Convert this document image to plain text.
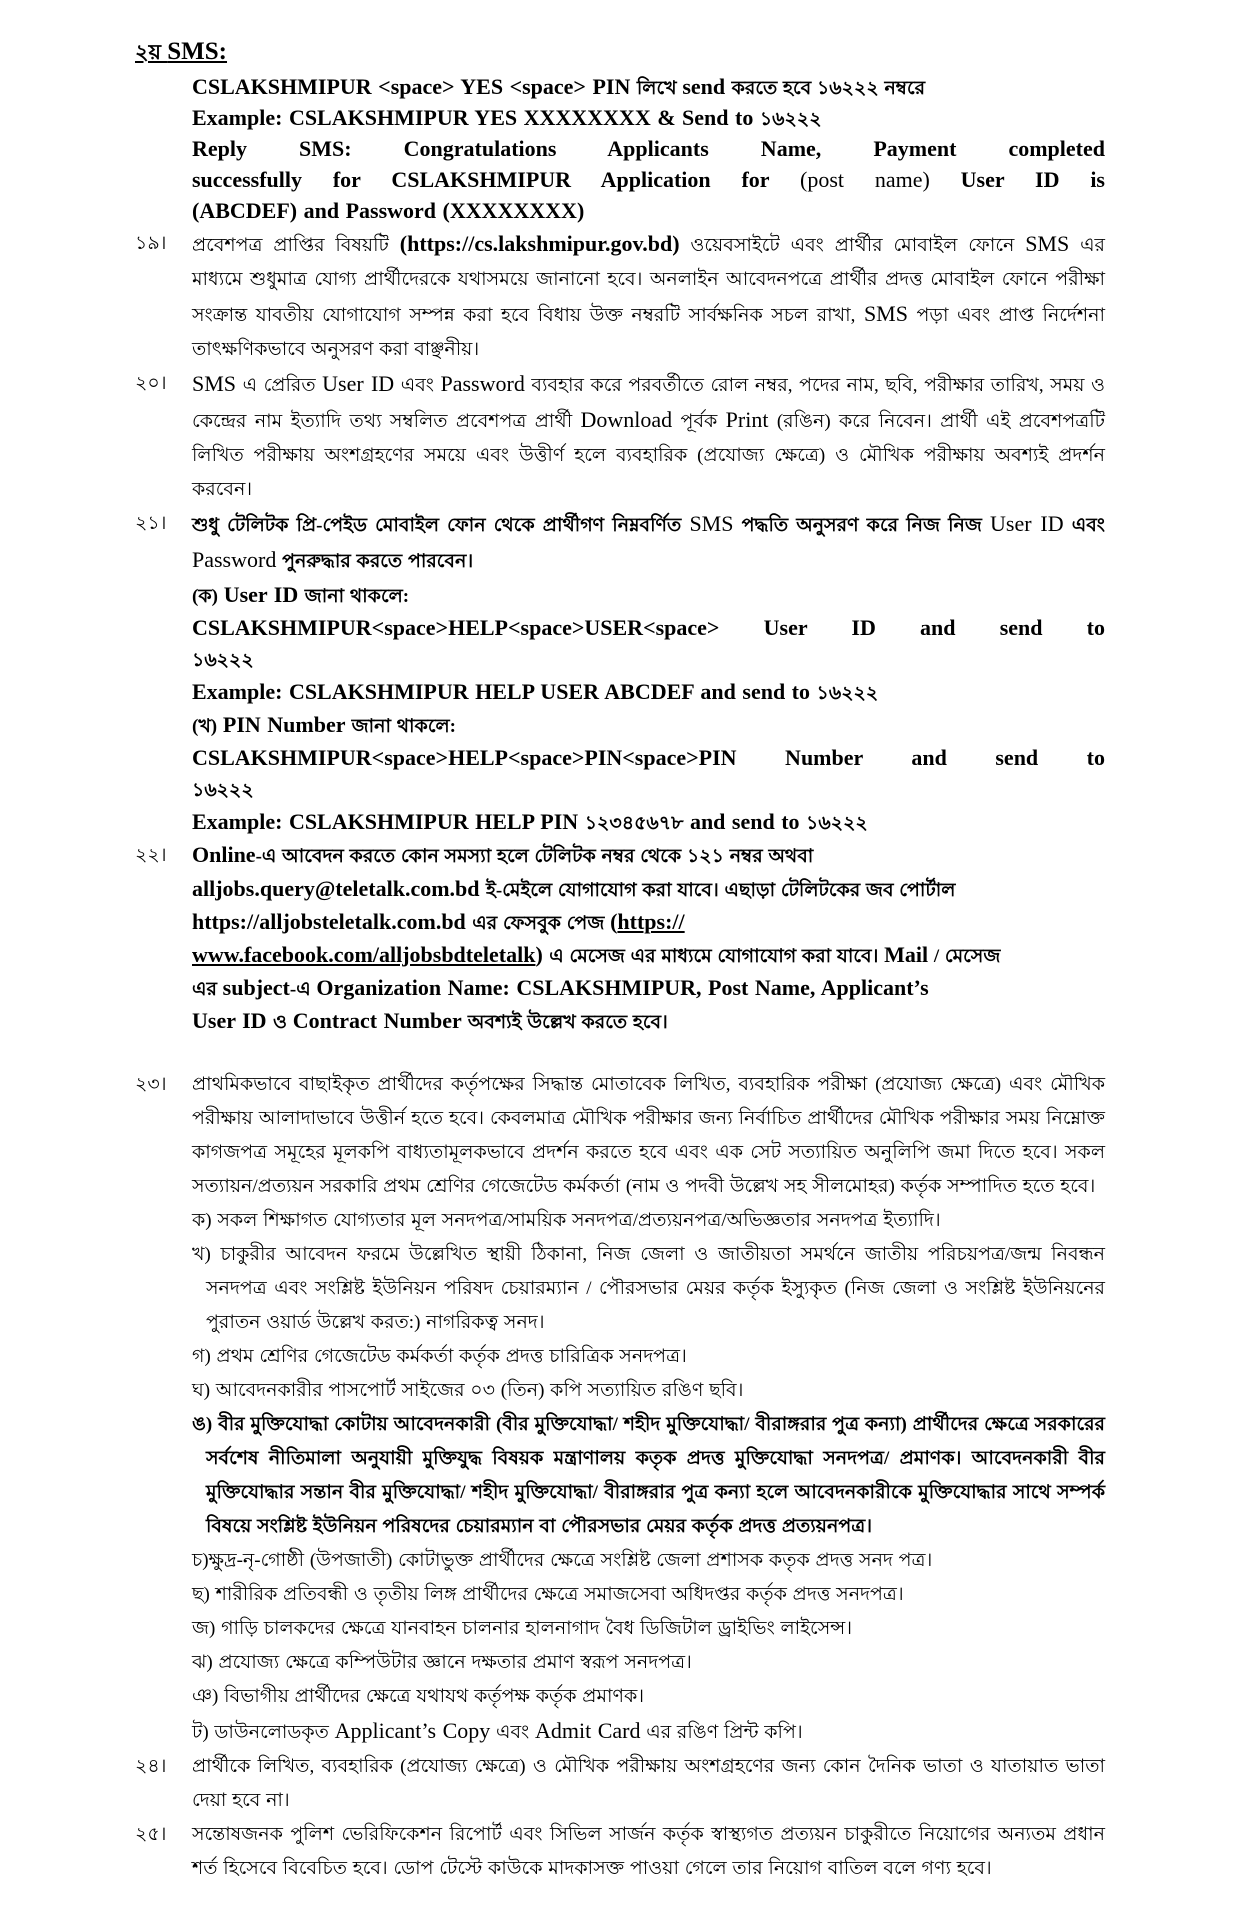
২য় SMS:
CSLAKSHMIPUR <space> YES <space> PIN লিখে send করতে হবে ১৬২২২ নম্বরে
Example: CSLAKSHMIPUR YES XXXXXXXX & Send to ১৬২২২
Reply SMS: Congratulations Applicants Name, Payment completed
successfully for CSLAKSHMIPUR Application for (post name) User ID is
(ABCDEF) and Password (XXXXXXXX)
১৯।	প্রবেশপত্র প্রাপ্তির বিষয়টি (https://cs.lakshmipur.gov.bd) ওয়েবসাইটে এবং প্রার্থীর মোবাইল ফোনে SMS এর মাধ্যমে শুধুমাত্র যোগ্য প্রার্থীদেরকে যথাসময়ে জানানো হবে। অনলাইন আবেদনপত্রে প্রার্থীর প্রদত্ত মোবাইল ফোনে পরীক্ষা সংক্রান্ত যাবতীয় যোগাযোগ সম্পন্ন করা হবে বিধায় উক্ত নম্বরটি সার্বক্ষনিক সচল রাখা, SMS পড়া এবং প্রাপ্ত নির্দেশনা তাৎক্ষণিকভাবে অনুসরণ করা বাঞ্ছনীয়।
২০।	SMS এ প্রেরিত User ID এবং Password ব্যবহার করে পরবর্তীতে রোল নম্বর, পদের নাম, ছবি, পরীক্ষার তারিখ, সময় ও কেন্দ্রের নাম ইত্যাদি তথ্য সম্বলিত প্রবেশপত্র প্রার্থী Download পূর্বক Print (রঙিন) করে নিবেন। প্রার্থী এই প্রবেশপত্রটি লিখিত পরীক্ষায় অংশগ্রহণের সময়ে এবং উত্তীর্ণ হলে ব্যবহারিক (প্রযোজ্য ক্ষেত্রে) ও মৌখিক পরীক্ষায় অবশ্যই প্রদর্শন করবেন।
২১।	শুধু টেলিটক প্রি-পেইড মোবাইল ফোন থেকে প্রার্থীগণ নিম্নবর্ণিত SMS পদ্ধতি অনুসরণ করে নিজ নিজ User ID এবং Password পুনরুদ্ধার করতে পারবেন।
(ক) User ID জানা থাকলে:
CSLAKSHMIPUR<space>HELP<space>USER<space> User ID and send to
১৬২২২
Example: CSLAKSHMIPUR HELP USER ABCDEF and send to ১৬২২২
(খ) PIN Number জানা থাকলে:
CSLAKSHMIPUR<space>HELP<space>PIN<space>PIN Number and send to
১৬২২২
Example: CSLAKSHMIPUR HELP PIN ১২৩৪৫৬৭৮ and send to ১৬২২২
২২।	Online-এ আবেদন করতে কোন সমস্যা হলে টেলিটক নম্বর থেকে ১২১ নম্বর অথবা
alljobs.query@teletalk.com.bd ই-মেইলে যোগাযোগ করা যাবে। এছাড়া টেলিটকের জব পোর্টাল
https://alljobsteletalk.com.bd এর ফেসবুক পেজ (https://
www.facebook.com/alljobsbdteletalk) এ মেসেজ এর মাধ্যমে যোগাযোগ করা যাবে। Mail / মেসেজ
এর subject-এ Organization Name: CSLAKSHMIPUR, Post Name, Applicant’s
User ID ও Contract Number অবশ্যই উল্লেখ করতে হবে।
২৩।	প্রাথমিকভাবে বাছাইকৃত প্রার্থীদের কর্তৃপক্ষের সিদ্ধান্ত মোতাবেক লিখিত, ব্যবহারিক পরীক্ষা (প্রযোজ্য ক্ষেত্রে) এবং মৌখিক পরীক্ষায় আলাদাভাবে উত্তীর্ন হতে হবে। কেবলমাত্র মৌখিক পরীক্ষার জন্য নির্বাচিত প্রার্থীদের মৌখিক পরীক্ষার সময় নিম্নোক্ত কাগজপত্র সমূহের মূলকপি বাধ্যতামূলকভাবে প্রদর্শন করতে হবে এবং এক সেট সত্যায়িত অনুলিপি জমা দিতে হবে। সকল সত্যায়ন/প্রত্যয়ন সরকারি প্রথম শ্রেণির গেজেটেড কর্মকর্তা (নাম ও পদবী উল্লেখ সহ সীলমোহর) কর্তৃক সম্পাদিত হতে হবে।
ক) সকল শিক্ষাগত যোগ্যতার মূল সনদপত্র/সাময়িক সনদপত্র/প্রত্যয়নপত্র/অভিজ্ঞতার সনদপত্র ইত্যাদি।
খ) চাকুরীর আবেদন ফরমে উল্লেখিত স্থায়ী ঠিকানা, নিজ জেলা ও জাতীয়তা সমর্থনে জাতীয় পরিচয়পত্র/জন্ম নিবন্ধন সনদপত্র এবং সংশ্লিষ্ট ইউনিয়ন পরিষদ চেয়ারম্যান / পৌরসভার মেয়র কর্তৃক ইস্যুকৃত (নিজ জেলা ও সংশ্লিষ্ট ইউনিয়নের পুরাতন ওয়ার্ড উল্লেখ করত:) নাগরিকত্ব সনদ।
গ) প্রথম শ্রেণির গেজেটেড কর্মকর্তা কর্তৃক প্রদত্ত চারিত্রিক সনদপত্র।
ঘ) আবেদনকারীর পাসপোর্ট সাইজের ০৩ (তিন) কপি সত্যায়িত রঙিণ ছবি।
ঙ) বীর মুক্তিযোদ্ধা কোটায় আবেদনকারী (বীর মুক্তিযোদ্ধা/ শহীদ মুক্তিযোদ্ধা/ বীরাঙ্গরার পুত্র কন্যা) প্রার্থীদের ক্ষেত্রে সরকারের সর্বশেষ নীতিমালা অনুযায়ী মুক্তিযুদ্ধ বিষয়ক মন্ত্রাণালয় কতৃক প্রদত্ত মুক্তিযোদ্ধা সনদপত্র/ প্রমাণক। আবেদনকারী বীর মুক্তিযোদ্ধার সন্তান বীর মুক্তিযোদ্ধা/ শহীদ মুক্তিযোদ্ধা/ বীরাঙ্গরার পুত্র কন্যা হলে আবেদনকারীকে মুক্তিযোদ্ধার সাথে সম্পর্ক বিষয়ে সংশ্লিষ্ট ইউনিয়ন পরিষদের চেয়ারম্যান বা পৌরসভার মেয়র কর্তৃক প্রদত্ত প্রত্যয়নপত্র।
চ)ক্ষুদ্র-নৃ-গোষ্ঠী (উপজাতী) কোটাভুক্ত প্রার্থীদের ক্ষেত্রে সংশ্লিষ্ট জেলা প্রশাসক কতৃক প্রদত্ত সনদ পত্র।
ছ) শারীরিক প্রতিবন্ধী ও তৃতীয় লিঙ্গ প্রার্থীদের ক্ষেত্রে সমাজসেবা অধিদপ্তর কর্তৃক প্রদত্ত সনদপত্র।
জ) গাড়ি চালকদের ক্ষেত্রে যানবাহন চালনার হালনাগাদ বৈধ ডিজিটাল ড্রাইভিং লাইসেন্স।
ঝ) প্রযোজ্য ক্ষেত্রে কম্পিউটার জ্ঞানে দক্ষতার প্রমাণ স্বরূপ সনদপত্র।
ঞ) বিভাগীয় প্রার্থীদের ক্ষেত্রে যথাযথ কর্তৃপক্ষ কর্তৃক প্রমাণক।
ট) ডাউনলোডকৃত Applicant’s Copy এবং Admit Card এর রঙিণ প্রিন্ট কপি।
২৪।	প্রার্থীকে লিখিত, ব্যবহারিক (প্রযোজ্য ক্ষেত্রে) ও মৌখিক পরীক্ষায় অংশগ্রহণের জন্য কোন দৈনিক ভাতা ও যাতায়াত ভাতা দেয়া হবে না।
২৫।	সন্তোষজনক পুলিশ ভেরিফিকেশন রিপোর্ট এবং সিভিল সার্জন কর্তৃক স্বাস্থ্যগত প্রত্যয়ন চাকুরীতে নিয়োগের অন্যতম প্রধান শর্ত হিসেবে বিবেচিত হবে। ডোপ টেস্টে কাউকে মাদকাসক্ত পাওয়া গেলে তার নিয়োগ বাতিল বলে গণ্য হবে।
